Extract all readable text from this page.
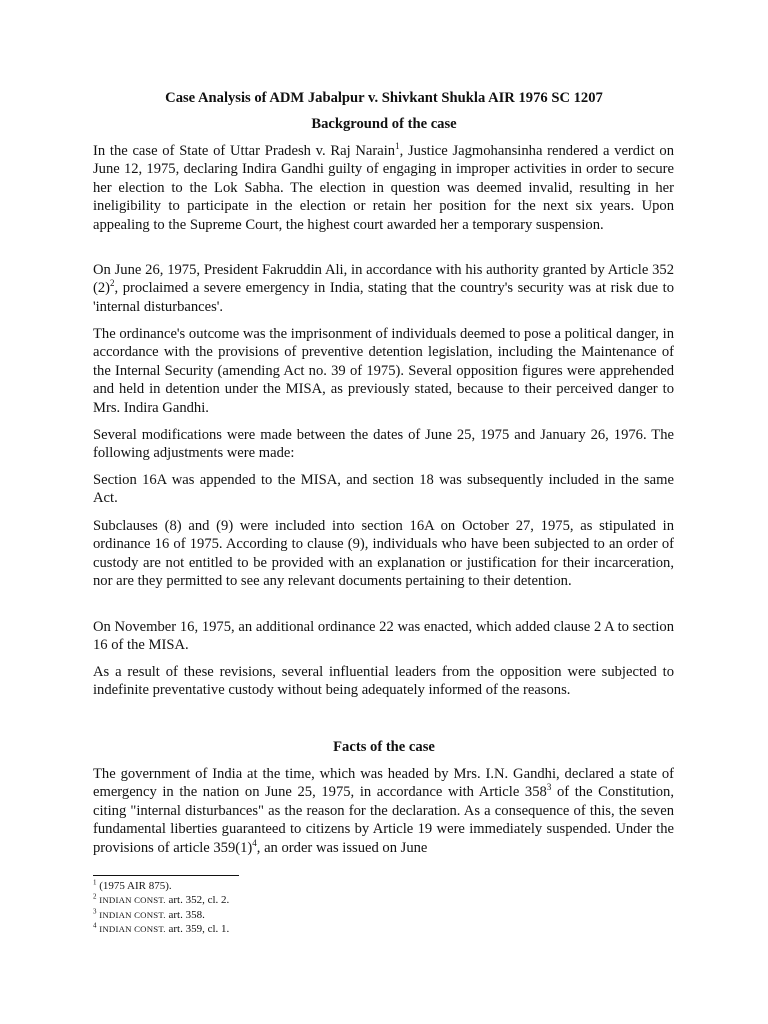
Case Analysis of ADM Jabalpur v. Shivkant Shukla AIR 1976 SC 1207
Background of the case

In the case of State of Uttar Pradesh v. Raj Narain$^1$, Justice Jagmohansinha rendered a verdict on June 12, 1975, declaring Indira Gandhi guilty of engaging in improper activities in order to secure her election to the Lok Sabha. The election in question was deemed invalid, resulting in her ineligibility to participate in the election or retain her position for the next six years. Upon appealing to the Supreme Court, the highest court awarded her a temporary suspension.

On June 26, 1975, President Fakruddin Ali, in accordance with his authority granted by Article 352 $(2)^2$, proclaimed a severe emergency in India, stating that the country's security was at risk due to 'internal disturbances'.

The ordinance's outcome was the imprisonment of individuals deemed to pose a political danger, in accordance with the provisions of preventive detention legislation, including the Maintenance of the Internal Security (amending Act no. 39 of 1975). Several opposition figures were apprehended and held in detention under the MISA, as previously stated, because to their perceived danger to Mrs. Indira Gandhi.

Several modifications were made between the dates of June 25, 1975 and January 26, 1976. The following adjustments were made:

Section 16A was appended to the MISA, and section 18 was subsequently included in the same Act.

Subclauses (8) and (9) were included into section 16A on October 27, 1975, as stipulated in ordinance 16 of 1975. According to clause (9), individuals who have been subjected to an order of custody are not entitled to be provided with an explanation or justification for their incarceration, nor are they permitted to see any relevant documents pertaining to their detention.

On November 16, 1975, an additional ordinance 22 was enacted, which added clause 2 A to section 16 of the MISA.

As a result of these revisions, several influential leaders from the opposition were subjected to indefinite preventative custody without being adequately informed of the reasons.

Facts of the case

The government of India at the time, which was headed by Mrs. I.N. Gandhi, declared a state of emergency in the nation on June 25, 1975, in accordance with Article $358^3$ of the Constitution, citing "internal disturbances" as the reason for the declaration. As a consequence of this, the seven fundamental liberties guaranteed to citizens by Article 19 were immediately suspended. Under the provisions of article $359(1)^4$, an order was issued on June

$^1$ (1975 AIR 875).

$^2$ INDIAN CONST. art. 352, cl. 2.

$^3$ INDIAN CONST. art. 358.

$^4$ INDIAN CONST. art. 359, cl. 1.
